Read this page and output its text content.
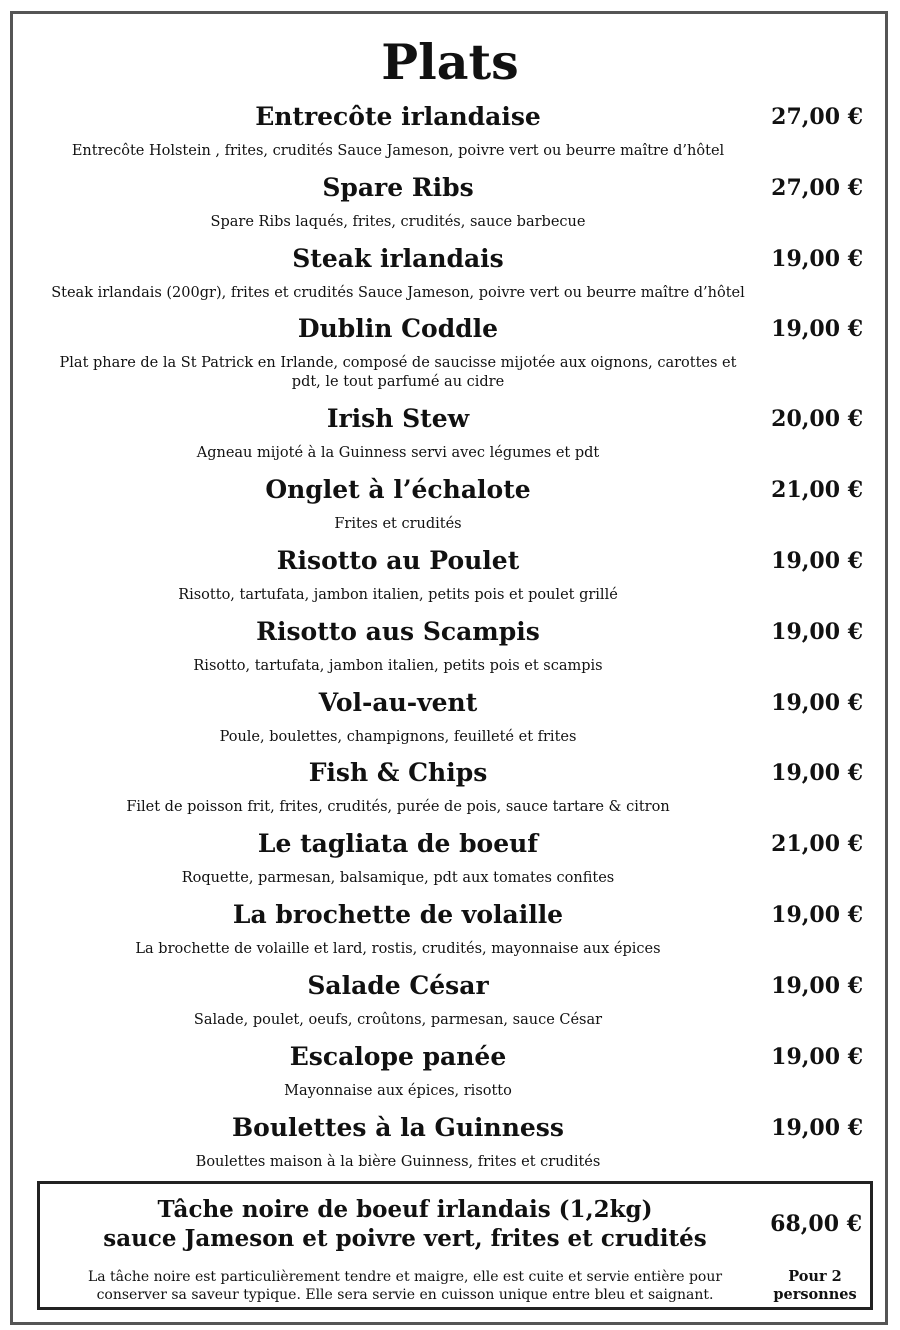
Plats
Entrecôte irlandaise	27,00 €
Entrecôte Holstein , frites, crudités Sauce Jameson, poivre vert ou beurre maître d’hôtel
Spare Ribs	27,00 €
Spare Ribs laqués, frites, crudités, sauce barbecue
Steak irlandais	19,00 €
Steak irlandais (200gr), frites et crudités Sauce Jameson, poivre vert ou beurre maître d’hôtel
Dublin Coddle	19,00 €
Plat phare de la St Patrick en Irlande, composé de saucisse mijotée aux oignons, carottes et pdt, le tout parfumé au cidre
Irish Stew	20,00 €
Agneau mijoté à la Guinness servi avec légumes et pdt
Onglet à l’échalote	21,00 €
Frites et crudités
Risotto au Poulet	19,00 €
Risotto, tartufata, jambon italien, petits pois et poulet grillé
Risotto aus Scampis	19,00 €
Risotto, tartufata, jambon italien, petits pois et scampis
Vol-au-vent	19,00 €
Poule, boulettes, champignons, feuilleté et frites
Fish & Chips	19,00 €
Filet de poisson frit, frites, crudités, purée de pois, sauce tartare & citron
Le tagliata de boeuf	21,00 €
Roquette, parmesan, balsamique, pdt aux tomates confites
La brochette de volaille	19,00 €
La brochette de volaille et lard, rostis, crudités, mayonnaise aux épices
Salade César	19,00 €
Salade, poulet, oeufs, croûtons, parmesan, sauce César
Escalope panée	19,00 €
Mayonnaise aux épices, risotto
Boulettes à la Guinness	19,00 €
Boulettes maison à la bière Guinness, frites et crudités
Tâche noire de boeuf irlandais (1,2kg)
sauce Jameson et poivre vert, frites et crudités
68,00 €
La tâche noire est particulièrement tendre et maigre, elle est cuite et servie entière pour conserver sa saveur typique. Elle sera servie en cuisson unique entre bleu et saignant.
Pour 2
personnes
